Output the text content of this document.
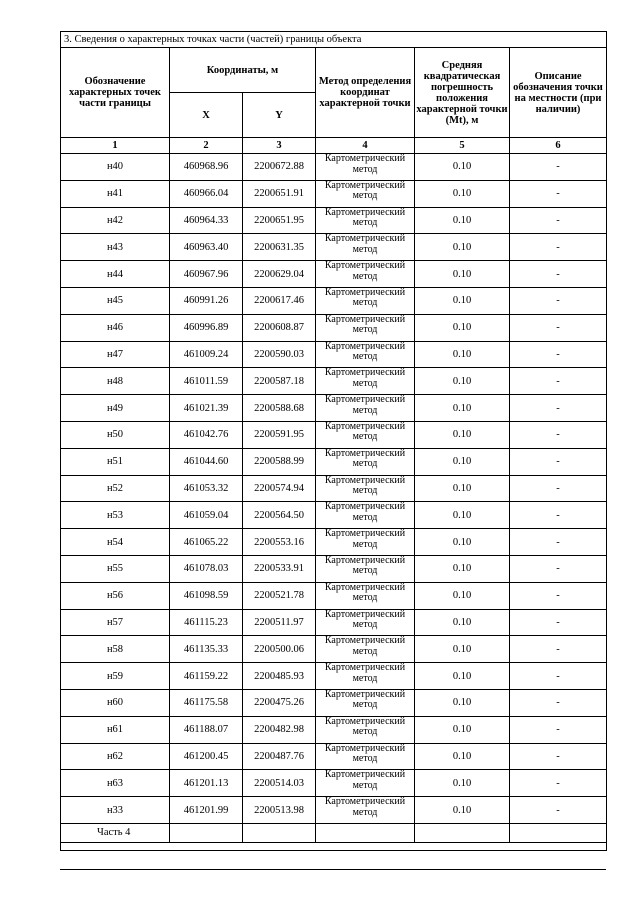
3. Сведения о характерных точках части (частей) границы объекта					
Обозначение характерных точек части границы	Координаты, м		Метод определения координат характерной точки	Средняя квадратическая погрешность положения характерной точки (Mt), м	Описание обозначения точки на местности (при наличии)
	X	Y			
1	2	3	4	5	6
н40	460968.96	2200672.88	Картометрический метод	0.10	-
н41	460966.04	2200651.91	Картометрический метод	0.10	-
н42	460964.33	2200651.95	Картометрический метод	0.10	-
н43	460963.40	2200631.35	Картометрический метод	0.10	-
н44	460967.96	2200629.04	Картометрический метод	0.10	-
н45	460991.26	2200617.46	Картометрический метод	0.10	-
н46	460996.89	2200608.87	Картометрический метод	0.10	-
н47	461009.24	2200590.03	Картометрический метод	0.10	-
н48	461011.59	2200587.18	Картометрический метод	0.10	-
н49	461021.39	2200588.68	Картометрический метод	0.10	-
н50	461042.76	2200591.95	Картометрический метод	0.10	-
н51	461044.60	2200588.99	Картометрический метод	0.10	-
н52	461053.32	2200574.94	Картометрический метод	0.10	-
н53	461059.04	2200564.50	Картометрический метод	0.10	-
н54	461065.22	2200553.16	Картометрический метод	0.10	-
н55	461078.03	2200533.91	Картометрический метод	0.10	-
н56	461098.59	2200521.78	Картометрический метод	0.10	-
н57	461115.23	2200511.97	Картометрический метод	0.10	-
н58	461135.33	2200500.06	Картометрический метод	0.10	-
н59	461159.22	2200485.93	Картометрический метод	0.10	-
н60	461175.58	2200475.26	Картометрический метод	0.10	-
н61	461188.07	2200482.98	Картометрический метод	0.10	-
н62	461200.45	2200487.76	Картометрический метод	0.10	-
н63	461201.13	2200514.03	Картометрический метод	0.10	-
н33	461201.99	2200513.98	Картометрический метод	0.10	-
Часть 4					
